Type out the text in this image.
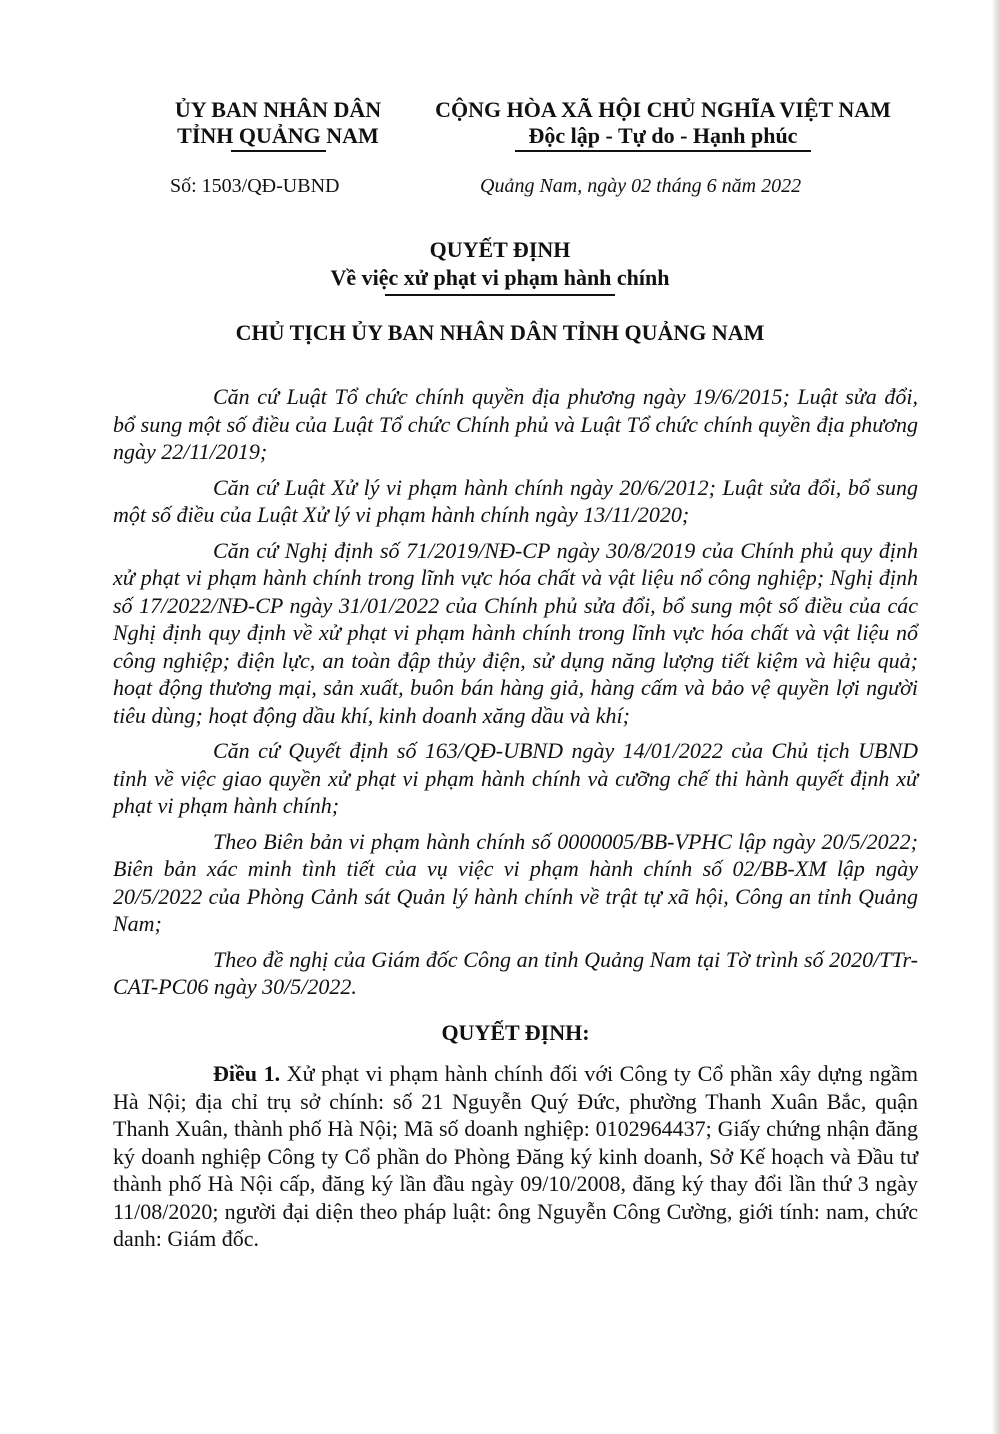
ỦY BAN NHÂN DÂN
TỈNH QUẢNG NAM
CỘNG HÒA XÃ HỘI CHỦ NGHĨA VIỆT NAM
Độc lập - Tự do - Hạnh phúc
Số: 1503/QĐ-UBND	Quảng Nam, ngày 02 tháng 6 năm 2022
QUYẾT ĐỊNH
Về việc xử phạt vi phạm hành chính
CHỦ TỊCH ỦY BAN NHÂN DÂN TỈNH QUẢNG NAM

Căn cứ Luật Tổ chức chính quyền địa phương ngày 19/6/2015; Luật sửa đổi, bổ sung một số điều của Luật Tổ chức Chính phủ và Luật Tổ chức chính quyền địa phương ngày 22/11/2019;

Căn cứ Luật Xử lý vi phạm hành chính ngày 20/6/2012; Luật sửa đổi, bổ sung một số điều của Luật Xử lý vi phạm hành chính ngày 13/11/2020;

Căn cứ Nghị định số 71/2019/NĐ-CP ngày 30/8/2019 của Chính phủ quy định xử phạt vi phạm hành chính trong lĩnh vực hóa chất và vật liệu nổ công nghiệp; Nghị định số 17/2022/NĐ-CP ngày 31/01/2022 của Chính phủ sửa đổi, bổ sung một số điều của các Nghị định quy định về xử phạt vi phạm hành chính trong lĩnh vực hóa chất và vật liệu nổ công nghiệp; điện lực, an toàn đập thủy điện, sử dụng năng lượng tiết kiệm và hiệu quả; hoạt động thương mại, sản xuất, buôn bán hàng giả, hàng cấm và bảo vệ quyền lợi người tiêu dùng; hoạt động dầu khí, kinh doanh xăng dầu và khí;

Căn cứ Quyết định số 163/QĐ-UBND ngày 14/01/2022 của Chủ tịch UBND tỉnh về việc giao quyền xử phạt vi phạm hành chính và cưỡng chế thi hành quyết định xử phạt vi phạm hành chính;

Theo Biên bản vi phạm hành chính số 0000005/BB-VPHC lập ngày 20/5/2022; Biên bản xác minh tình tiết của vụ việc vi phạm hành chính số 02/BB-XM lập ngày 20/5/2022 của Phòng Cảnh sát Quản lý hành chính về trật tự xã hội, Công an tỉnh Quảng Nam;

Theo đề nghị của Giám đốc Công an tỉnh Quảng Nam tại Tờ trình số 2020/TTr-CAT-PC06 ngày 30/5/2022.

QUYẾT ĐỊNH:

Điều 1. Xử phạt vi phạm hành chính đối với Công ty Cổ phần xây dựng ngầm Hà Nội; địa chỉ trụ sở chính: số 21 Nguyễn Quý Đức, phường Thanh Xuân Bắc, quận Thanh Xuân, thành phố Hà Nội; Mã số doanh nghiệp: 0102964437; Giấy chứng nhận đăng ký doanh nghiệp Công ty Cổ phần do Phòng Đăng ký kinh doanh, Sở Kế hoạch và Đầu tư thành phố Hà Nội cấp, đăng ký lần đầu ngày 09/10/2008, đăng ký thay đổi lần thứ 3 ngày 11/08/2020; người đại diện theo pháp luật: ông Nguyễn Công Cường, giới tính: nam, chức danh: Giám đốc.
